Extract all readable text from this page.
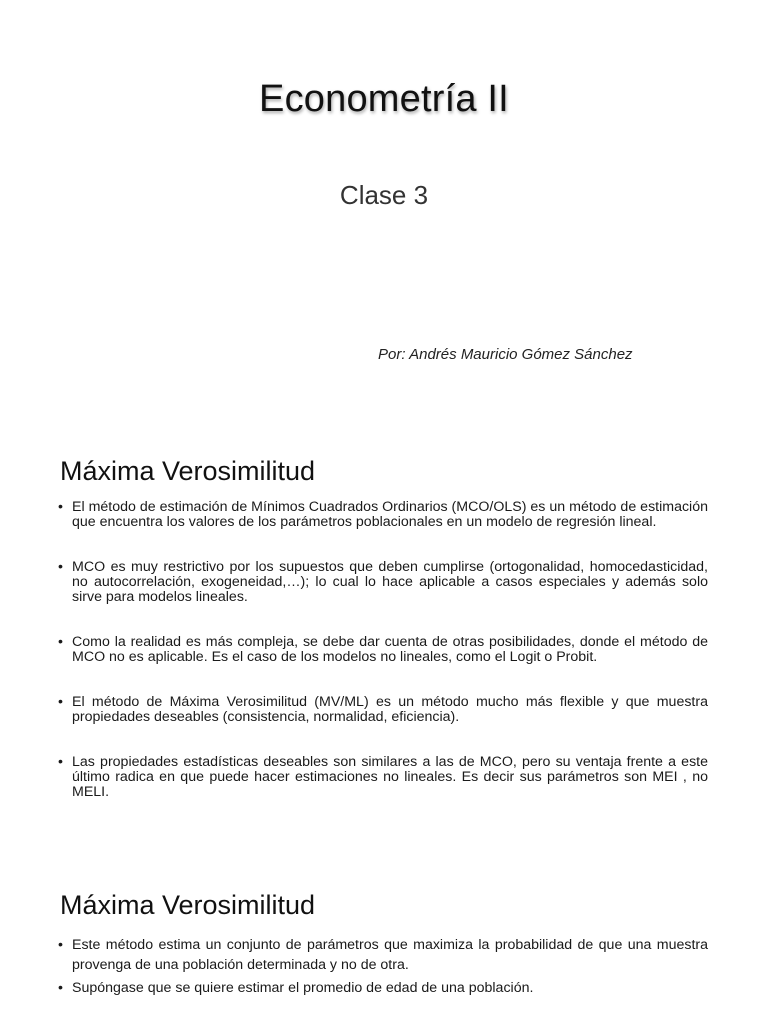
Econometría II
Clase 3
Por: Andrés Mauricio Gómez Sánchez
Máxima Verosimilitud
• El método de estimación de Mínimos Cuadrados Ordinarios (MCO/OLS) es un método de estimación que encuentra los valores de los parámetros poblacionales en un modelo de regresión lineal.
• MCO es muy restrictivo por los supuestos que deben cumplirse (ortogonalidad, homocedasticidad, no autocorrelación, exogeneidad,…); lo cual lo hace aplicable a casos especiales y además solo sirve para modelos lineales.
• Como la realidad es más compleja, se debe dar cuenta de otras posibilidades, donde el método de MCO no es aplicable. Es el caso de los modelos no lineales, como el Logit o Probit.
• El método de Máxima Verosimilitud (MV/ML) es un método mucho más flexible y que muestra propiedades deseables (consistencia, normalidad, eficiencia).
• Las propiedades estadísticas deseables son similares a las de MCO, pero su ventaja frente a este último radica en que puede hacer estimaciones no lineales. Es decir sus parámetros son MEI , no MELI.
Máxima Verosimilitud
• Este método estima un conjunto de parámetros que maximiza la probabilidad de que una muestra provenga de una población determinada y no de otra.
• Supóngase que se quiere estimar el promedio de edad de una población.
